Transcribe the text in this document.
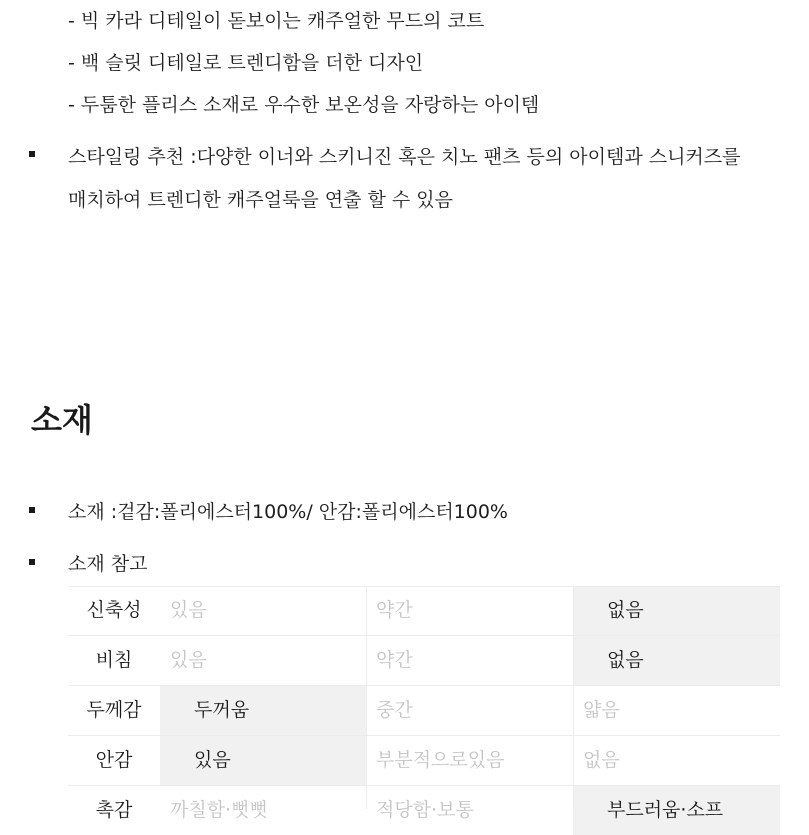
- 빅 카라 디테일이 돋보이는 캐주얼한 무드의 코트
- 백 슬릿 디테일로 트렌디함을 더한 디자인
- 두툼한 플리스 소재로 우수한 보온성을 자랑하는 아이템
스타일링 추천 :다양한 이너와 스키니진 혹은 치노 팬츠 등의 아이템과 스니커즈를
매치하여 트렌디한 캐주얼룩을 연출 할 수 있음
소재
소재 :겉감:폴리에스터100%/ 안감:폴리에스터100%
소재 참고
신축성	있음	약간	없음
비침	있음	약간	없음
두께감	두꺼움	중간	얇음
안감	있음	부분적으로있음	없음
촉감	까칠함·뻣뻣	적당함·보통	부드러움·소프
